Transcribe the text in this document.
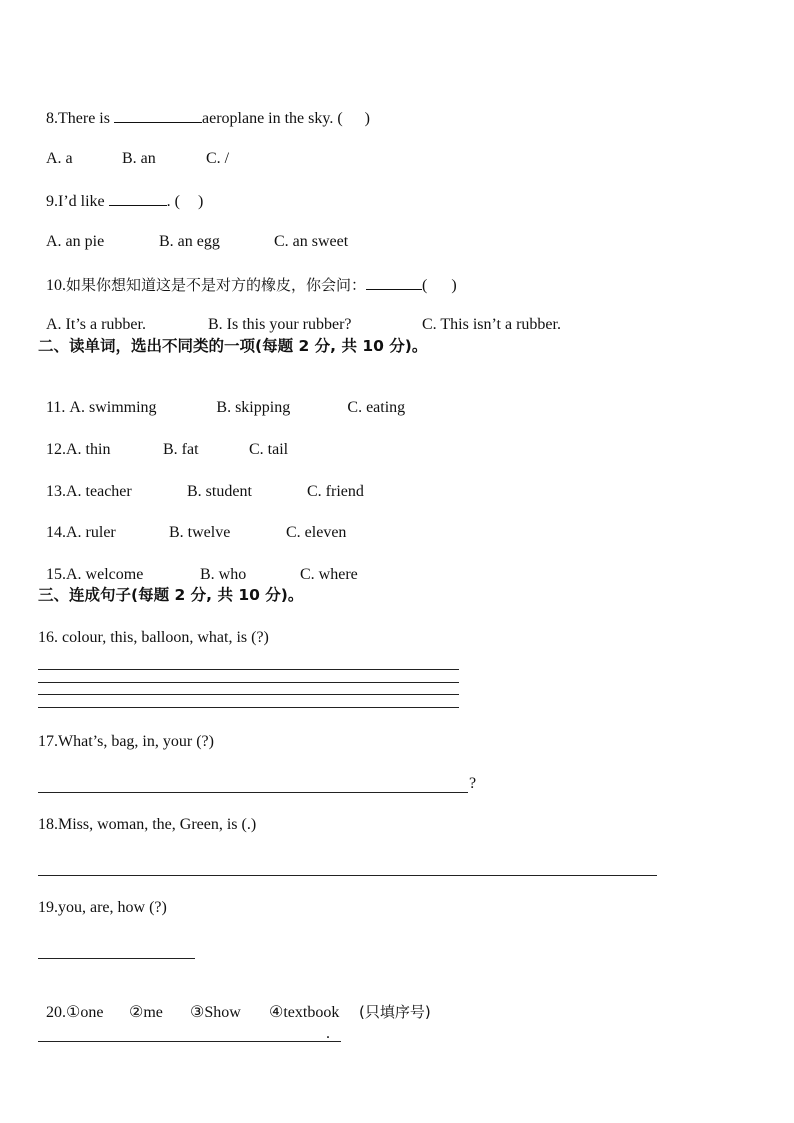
8.There is	aeroplane in the sky. ( )

A. a	B. an	C. /

9.I’d like	. ( )

A. an pie	B. an egg	C. an sweet

10.如果你想知道这是不是对方的橡皮，你会问：	( )

A. It’s a rubber.	B. Is this your rubber?	C. This isn’t a rubber.

二、读单词，选出不同类的一项(每题 2 分, 共 10 分)。

11. A. swimming	B. skipping	C. eating

12.A. thin	B. fat	C. tail

13.A. teacher	B. student	C. friend

14.A. ruler	B. twelve	C. eleven

15.A. welcome	B. who	C. where

三、连成句子(每题 2 分, 共 10 分)。
16. colour, this, balloon, what, is (?)
17.What’s, bag, in, your (?)
?
18.Miss, woman, the, Green, is (.)
19.you, are, how (?)

20.①one ②me ③Show ④textbook (只填序号)

.
